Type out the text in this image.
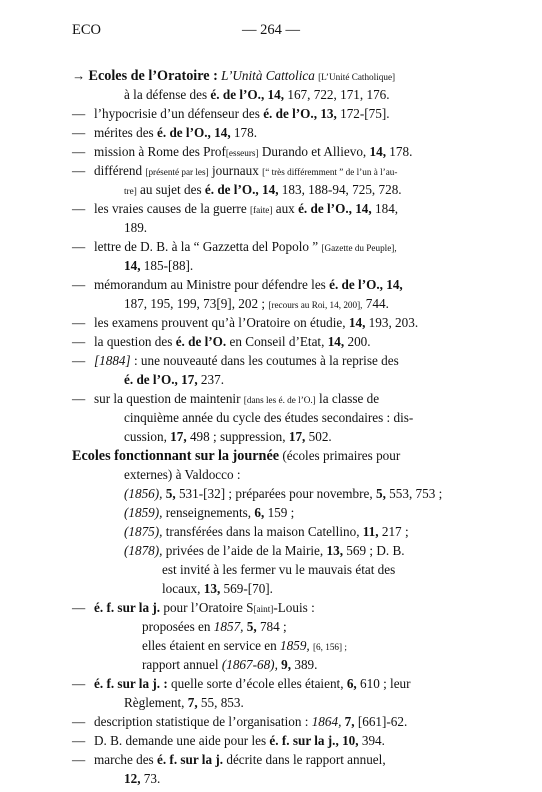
ECO	— 264 —
→ Ecoles de l’Oratoire : L’Unità Cattolica [L’Unité Catholique]
à la défense des é. de l’O., 14, 167, 722, 171, 176.
— l’hypocrisie d’un défenseur des é. de l’O., 13, 172-[75].
— mérites des é. de l’O., 14, 178.
— mission à Rome des Prof[esseurs] Durando et Allievo, 14, 178.
— différend [présenté par les] journaux [“ très différemment ” de l’un à l’au-
tre] au sujet des é. de l’O., 14, 183, 188-94, 725, 728.
— les vraies causes de la guerre [faite] aux é. de l’O., 14, 184,
189.
— lettre de D. B. à la “ Gazzetta del Popolo ” [Gazette du Peuple],
14, 185-[88].
— mémorandum au Ministre pour défendre les é. de l’O., 14,
187, 195, 199, 73[9], 202 ; [recours au Roi, 14, 200], 744.
— les examens prouvent qu’à l’Oratoire on étudie, 14, 193, 203.
— la question des é. de l’O. en Conseil d’Etat, 14, 200.
— [1884] : une nouveauté dans les coutumes à la reprise des
é. de l’O., 17, 237.
— sur la question de maintenir [dans les é. de l’O.] la classe de
cinquième année du cycle des études secondaires : dis-
cussion, 17, 498 ; suppression, 17, 502.
Ecoles fonctionnant sur la journée (écoles primaires pour
externes) à Valdocco :
(1856), 5, 531-[32] ; préparées pour novembre, 5, 553, 753 ;
(1859), renseignements, 6, 159 ;
(1875), transférées dans la maison Catellino, 11, 217 ;
(1878), privées de l’aide de la Mairie, 13, 569 ; D. B.
est invité à les fermer vu le mauvais état des
locaux, 13, 569-[70].
— é. f. sur la j. pour l’Oratoire S[aint]-Louis :
proposées en 1857, 5, 784 ;
elles étaient en service en 1859, [6, 156] ;
rapport annuel (1867-68), 9, 389.
— é. f. sur la j. : quelle sorte d’école elles étaient, 6, 610 ; leur
Règlement, 7, 55, 853.
— description statistique de l’organisation : 1864, 7, [661]-62.
— D. B. demande une aide pour les é. f. sur la j., 10, 394.
— marche des é. f. sur la j. décrite dans le rapport annuel,
12, 73.
